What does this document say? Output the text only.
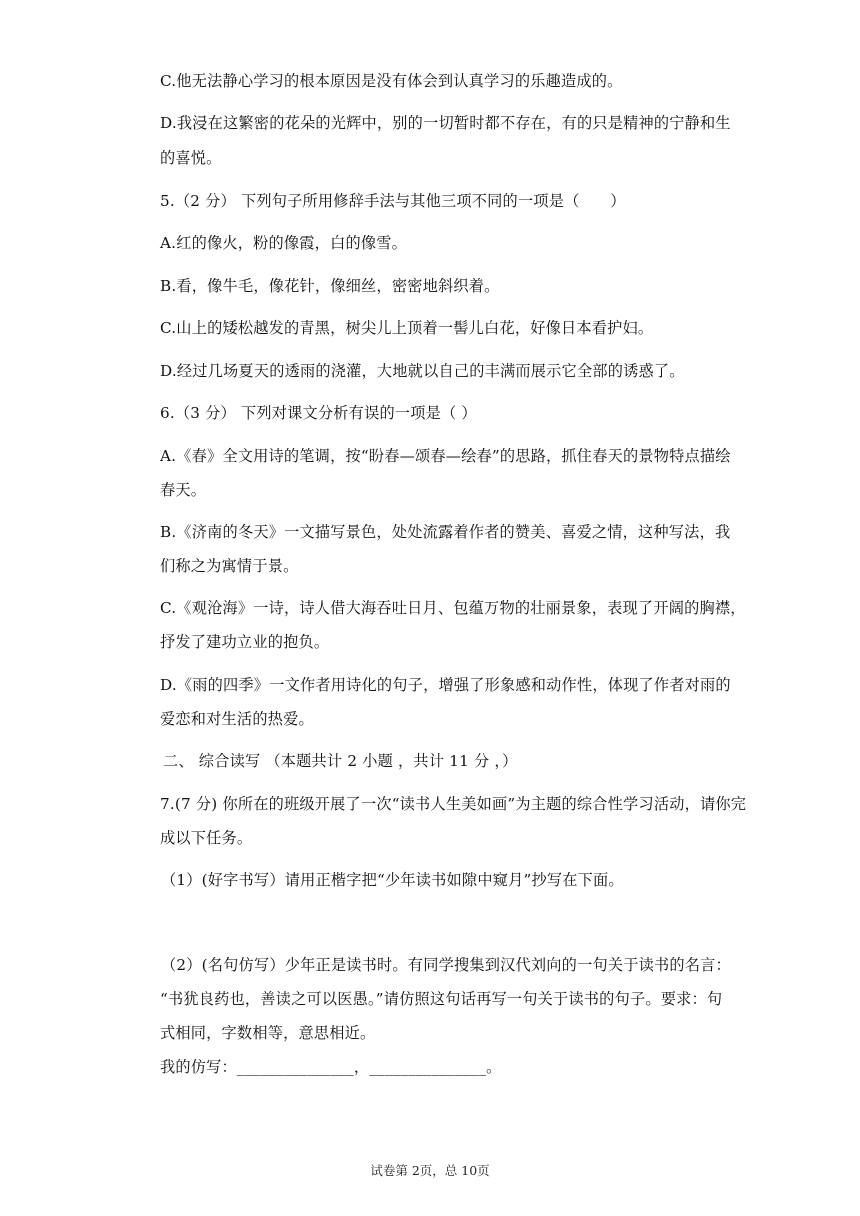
C.他无法静心学习的根本原因是没有体会到认真学习的乐趣造成的。
D.我浸在这繁密的花朵的光辉中，别的一切暂时都不存在，有的只是精神的宁静和生
的喜悦。
5.（2 分） 下列句子所用修辞手法与其他三项不同的一项是（　　）
A.红的像火，粉的像霞，白的像雪。
B.看，像牛毛，像花针，像细丝，密密地斜织着。
C.山上的矮松越发的青黑，树尖儿上顶着一髻儿白花，好像日本看护妇。
D.经过几场夏天的透雨的浇灌，大地就以自己的丰满而展示它全部的诱惑了。
6.（3 分） 下列对课文分析有误的一项是（ ）
A.《春》全文用诗的笔调，按“盼春—颂春—绘春”的思路，抓住春天的景物特点描绘
春天。
B.《济南的冬天》一文描写景色，处处流露着作者的赞美、喜爱之情，这种写法，我
们称之为寓情于景。
C.《观沧海》一诗，诗人借大海吞吐日月、包蕴万物的壮丽景象，表现了开阔的胸襟，
抒发了建功立业的抱负。
D.《雨的四季》一文作者用诗化的句子，增强了形象感和动作性，体现了作者对雨的
爱恋和对生活的热爱。
二、 综合读写 （本题共计 2 小题 ，共计 11 分 ，）
7.(7 分) 你所在的班级开展了一次“读书人生美如画”为主题的综合性学习活动，请你完
成以下任务。
（1）(好字书写）请用正楷字把“少年读书如隙中窥月”抄写在下面。
（2）(名句仿写）少年正是读书时。有同学搜集到汉代刘向的一句关于读书的名言：
“书犹良药也，善读之可以医愚。”请仿照这句话再写一句关于读书的句子。要求：句
式相同，字数相等，意思相近。
我的仿写：_______________，_______________。
试卷第 2页，总 10页
